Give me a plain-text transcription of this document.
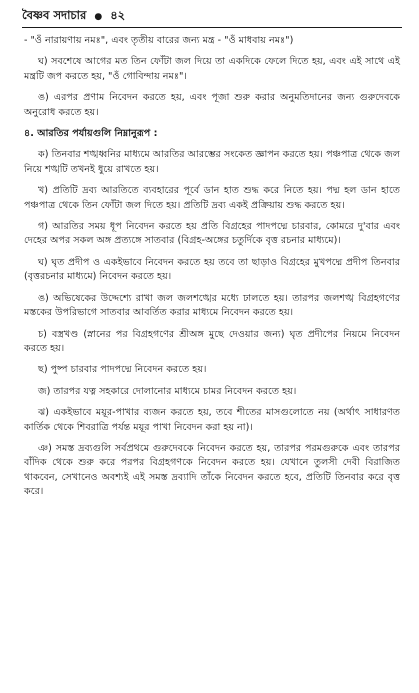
বৈষ্ণব সদাচার ● ৪২

- "ওঁ নারায়ণায় নমঃ", এবং তৃতীয় বারের জন্য মন্ত্র - "ওঁ মাধবায় নমঃ")

ঘ) সবশেষে আগের মত তিন ফোঁটা জল দিয়ে তা একদিকে ফেলে দিতে হয়, এবং এই সাথে এই মন্ত্রটি জপ করতে হয়, "ওঁ গোবিন্দায় নমঃ"।

ঙ) এরপর প্রণাম নিবেদন করতে হয়, এবং পূজা শুরু করার অনুমতিদানের জন্য গুরুদেবকে অনুরোধ করতে হয়।

৪. আরতির পর্যায়গুলি নিম্নানুরূপ :

ক) তিনবার শঙ্খধ্বনির মাধ্যমে আরতির আরম্ভের সংকেত জ্ঞাপন করতে হয়। পঞ্চপাত্র থেকে জল নিয়ে শঙ্খটি তখনই ধুয়ে রাখতে হয়।

খ) প্রতিটি দ্রব্য আরতিতে ব্যবহারের পূর্বে ডান হাত শুদ্ধ করে নিতে হয়। পদ্ম হল ডান হাতে পঞ্চপাত্র থেকে তিন ফোঁটা জল দিতে হয়। প্রতিটি দ্রব্য একই প্রক্রিয়ায় শুদ্ধ করতে হয়।

গ) আরতির সময় ধূপ নিবেদন করতে হয় প্রতি বিগ্রহের পাদপদ্মে চারবার, কোমরে দু'বার এবং দেহের অপর সকল অঙ্গ প্রত্যঙ্গে সাতবার (বিগ্রহ-অঙ্গের চতুর্দিকে বৃত্ত রচনার মাধ্যমে)।

ঘ) ঘৃত প্রদীপ ও একইভাবে নিবেদন করতে হয় তবে তা ছাড়াও বিগ্রহের মুখপদ্মে প্রদীপ তিনবার (বৃত্তরচনার মাধ্যমে) নিবেদন করতে হয়।

ঙ) অভিষেকের উদ্দেশ্যে রাখা জল জলশঙ্খের মধ্যে ঢালতে হয়। তারপর জলশঙ্খ বিগ্রহগণের মস্তকের উপরিভাগে সাতবার আবর্তিত করার মাধ্যমে নিবেদন করতে হয়।

চ) বস্ত্রখণ্ড (স্নানের পর বিগ্রহগণের শ্রীঅঙ্গ মুছে দেওয়ার জন্য) ঘৃত প্রদীপের নিয়মে নিবেদন করতে হয়।

ছ) পুষ্প চারবার পাদপদ্মে নিবেদন করতে হয়।

জ) তারপর যত্ন সহকারে দোলানোর মাধ্যমে চামর নিবেদন করতে হয়।

ঝ) একইভাবে ময়ূর-পাখার ব্যজন করতে হয়, তবে শীতের মাসগুলোতে নয় (অর্থাৎ সাধারণত কার্তিক থেকে শিবরাত্রি পর্যন্ত ময়ূর পাখা নিবেদন করা হয় না)।

ঞ) সমস্ত দ্রব্যগুলি সর্বপ্রথমে গুরুদেবকে নিবেদন করতে হয়, তারপর পরমগুরুকে এবং তারপর বাঁদিক থেকে শুরু করে পরপর বিগ্রহগণকে নিবেদন করতে হয়। যেখানে তুলসী দেবী বিরাজিত থাকবেন, সেখানেও অবশ্যই এই সমস্ত দ্রব্যাদি তাঁকে নিবেদন করতে হবে, প্রতিটি তিনবার করে বৃত্ত করে।
